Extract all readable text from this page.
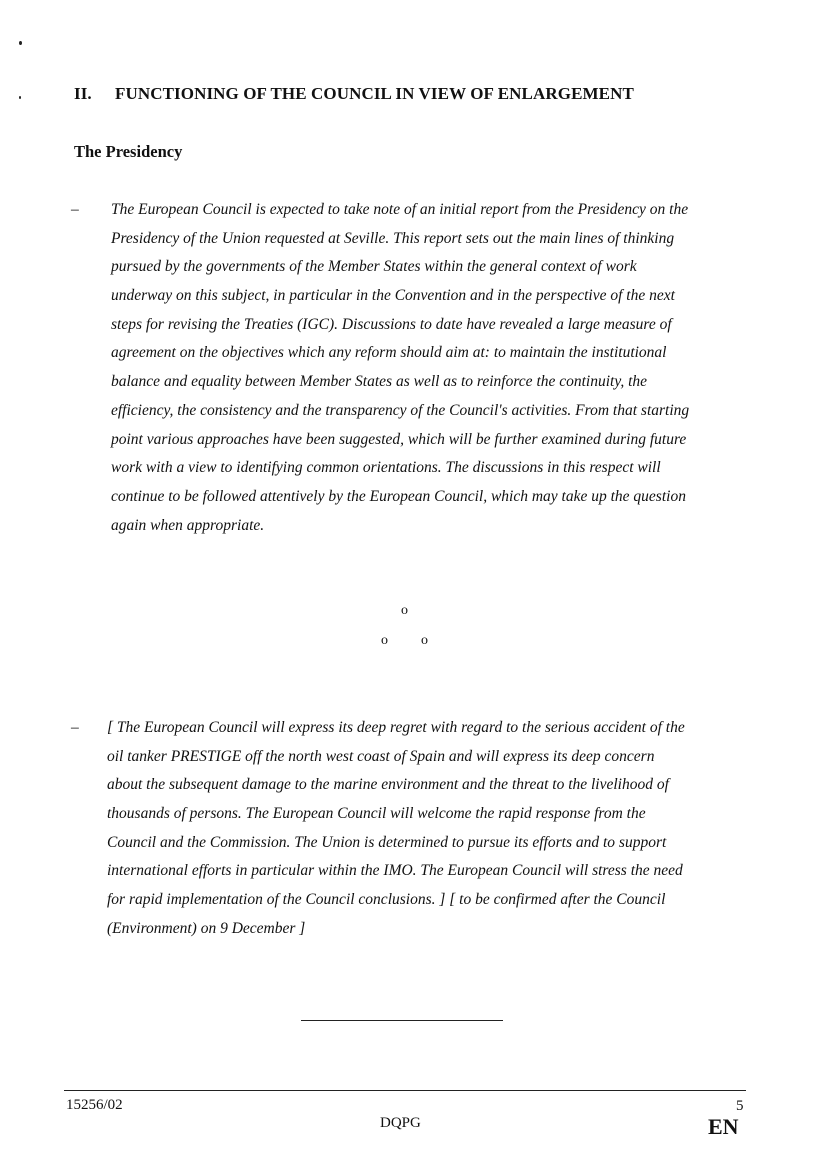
II. FUNCTIONING OF THE COUNCIL IN VIEW OF ENLARGEMENT
The Presidency
– The European Council is expected to take note of an initial report from the Presidency on the
Presidency of the Union requested at Seville. This report sets out the main lines of thinking
pursued by the governments of the Member States within the general context of work
underway on this subject, in particular in the Convention and in the perspective of the next
steps for revising the Treaties (IGC). Discussions to date have revealed a large measure of
agreement on the objectives which any reform should aim at: to maintain the institutional
balance and equality between Member States as well as to reinforce the continuity, the
efficiency, the consistency and the transparency of the Council's activities. From that starting
point various approaches have been suggested, which will be further examined during future
work with a view to identifying common orientations. The discussions in this respect will
continue to be followed attentively by the European Council, which may take up the question
again when appropriate.
o
o o
– [ The European Council will express its deep regret with regard to the serious accident of the
oil tanker PRESTIGE off the north west coast of Spain and will express its deep concern
about the subsequent damage to the marine environment and the threat to the livelihood of
thousands of persons. The European Council will welcome the rapid response from the
Council and the Commission. The Union is determined to pursue its efforts and to support
international efforts in particular within the IMO. The European Council will stress the need
for rapid implementation of the Council conclusions. ] [ to be confirmed after the Council
(Environment) on 9 December ]
15256/02
DQPG
5
EN
